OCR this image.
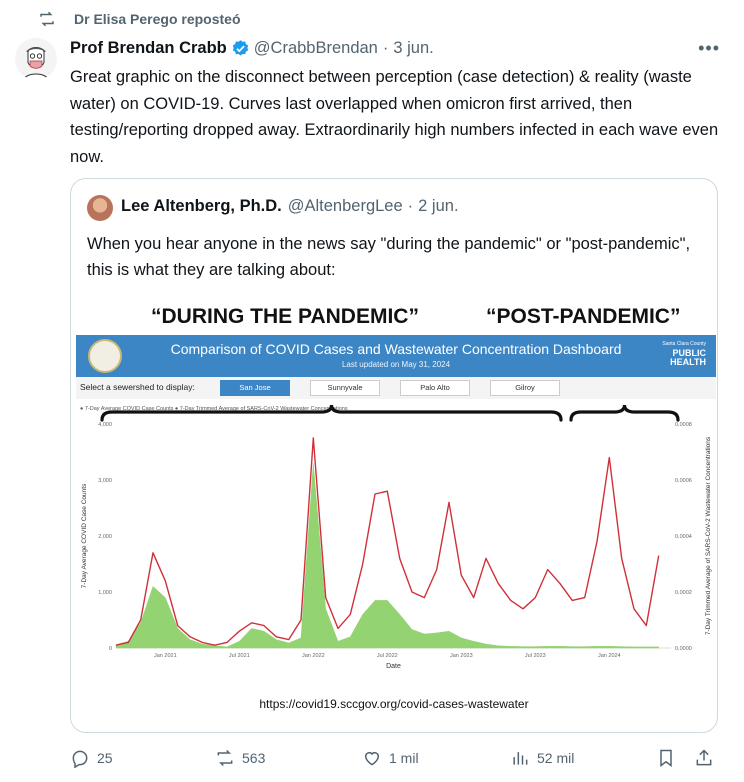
Dr Elisa Perego reposteó
Prof Brendan Crabb @CrabbBrendan · 3 jun.	•••
Great graphic on the disconnect between perception (case detection) & reality (waste water) on COVID-19. Curves last overlapped when omicron first arrived, then testing/reporting dropped away. Extraordinarily high numbers infected in each wave even now.
Lee Altenberg, Ph.D. @AltenbergLee · 2 jun.
When you hear anyone in the news say "during the pandemic" or "post-pandemic", this is what they are talking about:
“DURING THE PANDEMIC”	“POST-PANDEMIC”
Comparison of COVID Cases and Wastewater Concentration Dashboard
Last updated on May 31, 2024
Santa Clara County
PUBLIC
HEALTH
Select a sewershed to display:	San Jose	Sunnyvale	Palo Alto	Gilroy
● 7-Day Average COVID Case Counts ● 7-Day Trimmed Average of SARS-CoV-2 Wastewater Concentrations
0
1,000
2,000
3,000
4,000
0.0000
0.0002
0.0004
0.0006
0.0008
Jan 2021	Jul 2021	Jan 2022	Jul 2022	Jan 2023	Jul 2023	Jan 2024
Date
7-Day Average COVID Case Counts	7-Day Trimmed Average of SARS-CoV-2 Wastewater Concentrations
https://covid19.sccgov.org/covid-cases-wastewater
25	563	1 mil	52 mil
